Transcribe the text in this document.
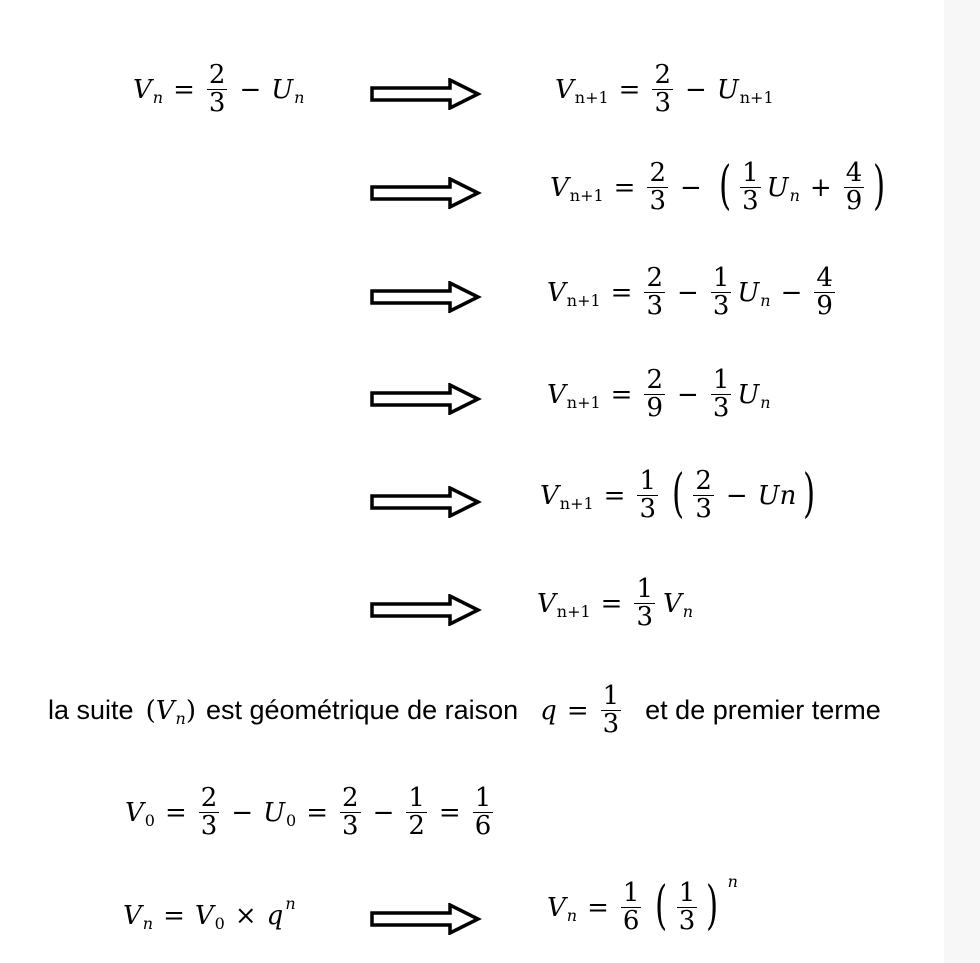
V n = 2
3 − U n	V n+1 = 2
3 − U n+1
V n+1 = 2
3 − ( 1
3 U n + 4
9 )
V n+1 = 2
3 − 1
3 U n − 4
9
V n+1 = 2
9 − 1
3 U n
V n+1 = 1
3 ( 2
3 − Un )
V n+1 = 1
3 V n
la suite ( V n ) est géométrique de raison q = 1
3 et de premier terme
V 0 = 2
3 − U 0 = 2
3 − 1
2 = 1
6
V n = V 0 × q n	V n = 1
6 ( 1
3 ) n
